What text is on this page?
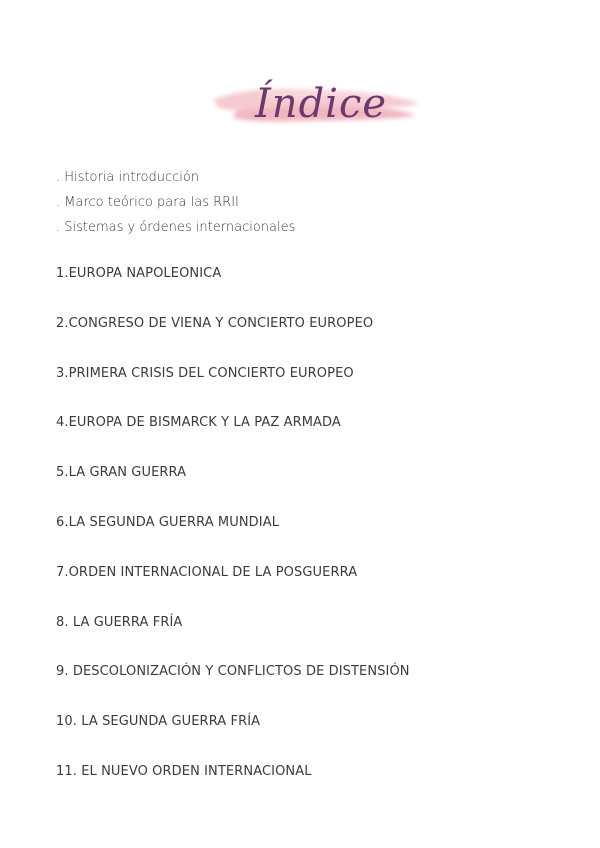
Índice
. Historia introducción
. Marco teórico para las RRII
. Sistemas y órdenes internacionales
1.EUROPA NAPOLEONICA
2.CONGRESO DE VIENA Y CONCIERTO EUROPEO
3.PRIMERA CRISIS DEL CONCIERTO EUROPEO
4.EUROPA DE BISMARCK Y LA PAZ ARMADA
5.LA GRAN GUERRA
6.LA SEGUNDA GUERRA MUNDIAL
7.ORDEN INTERNACIONAL DE LA POSGUERRA
8. LA GUERRA FRÍA
9. DESCOLONIZACIÓN Y CONFLICTOS DE DISTENSIÓN
10. LA SEGUNDA GUERRA FRÍA
11. EL NUEVO ORDEN INTERNACIONAL
